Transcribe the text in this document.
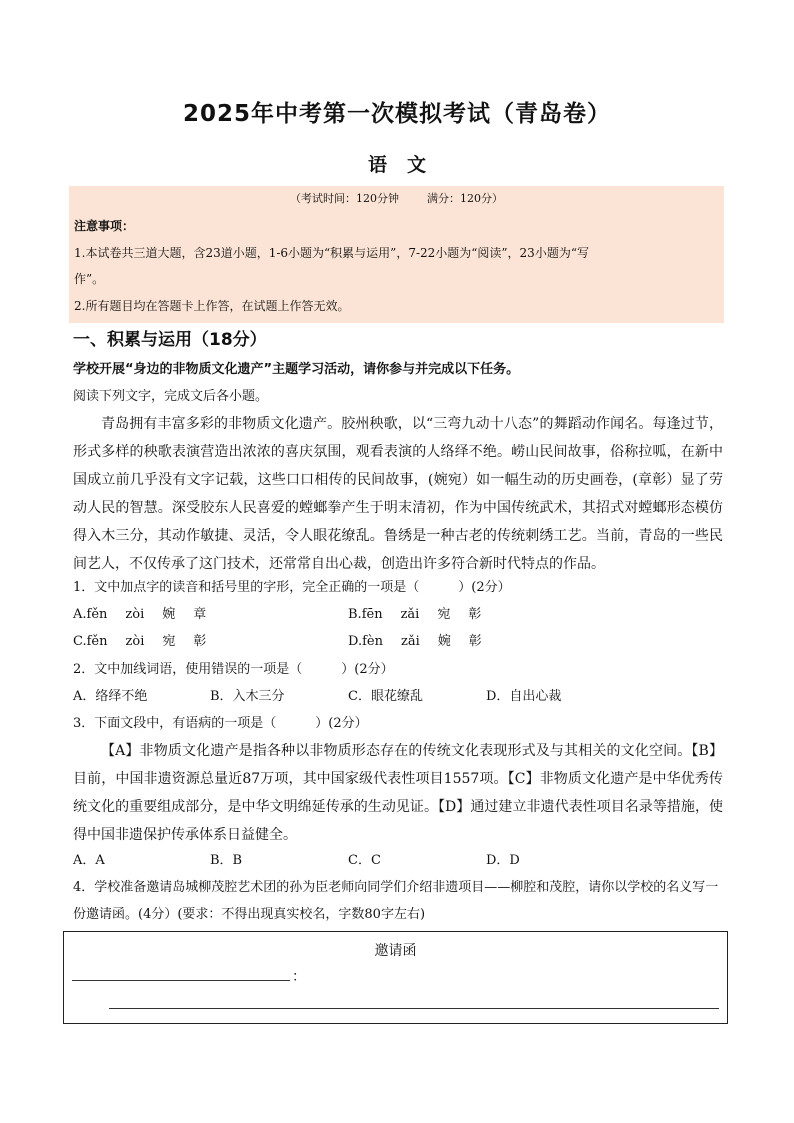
2025年中考第一次模拟考试（青岛卷）
语文
（考试时间：120分钟	满分：120分）
注意事项：
1.本试卷共三道大题，含23道小题，1-6小题为“积累与运用”，7-22小题为“阅读”，23小题为“写
作”。
2.所有题目均在答题卡上作答，在试题上作答无效。
一、积累与运用（18分）
学校开展“身边的非物质文化遗产”主题学习活动，请你参与并完成以下任务。
阅读下列文字，完成文后各小题。
青岛拥有丰富多彩的非物质文化遗产。胶州秧歌，以“三弯九动十八态”的舞蹈动作闻名。每逢过节，形式多样的秧歌表演营造出浓浓的喜庆氛围，观看表演的人络绎不绝。崂山民间故事，俗称拉呱，在新中国成立前几乎没有文字记载，这些口口相传的民间故事，(婉宛）如一幅生动的历史画卷，(章彰）显了劳动人民的智慧。深受胶东人民喜爱的螳螂拳产生于明末清初，作为中国传统武术，其招式对螳螂形态模仿得入木三分，其动作敏捷、灵活，令人眼花缭乱。鲁绣是一种古老的传统刺绣工艺。当前，青岛的一些民间艺人，不仅传承了这门技术，还常常自出心裁，创造出许多符合新时代特点的作品。
1．文中加点字的读音和括号里的字形，完全正确的一项是（　　　）(2分）
A.fěn zòi 婉 章	B.fēn zǎi 宛 彰
C.fěn zòi 宛 彰	D.fèn zǎi 婉 彰
2．文中加线词语，使用错误的一项是（　　　）(2分）
A．络绎不绝	B．入木三分	C．眼花缭乱	D．自出心裁
3．下面文段中，有语病的一项是（　　　）(2分）
【A】非物质文化遗产是指各种以非物质形态存在的传统文化表现形式及与其相关的文化空间。【B】目前，中国非遗资源总量近87万项，其中国家级代表性项目1557项。【C】非物质文化遗产是中华优秀传统文化的重要组成部分，是中华文明绵延传承的生动见证。【D】通过建立非遗代表性项目名录等措施，使得中国非遗保护传承体系日益健全。
A．A	B．B	C．C	D．D
4．学校准备邀请岛城柳茂腔艺术团的孙为臣老师向同学们介绍非遗项目——柳腔和茂腔，请你以学校的名义写一份邀请函。(4分）(要求：不得出现真实校名，字数80字左右)
邀请函
：
